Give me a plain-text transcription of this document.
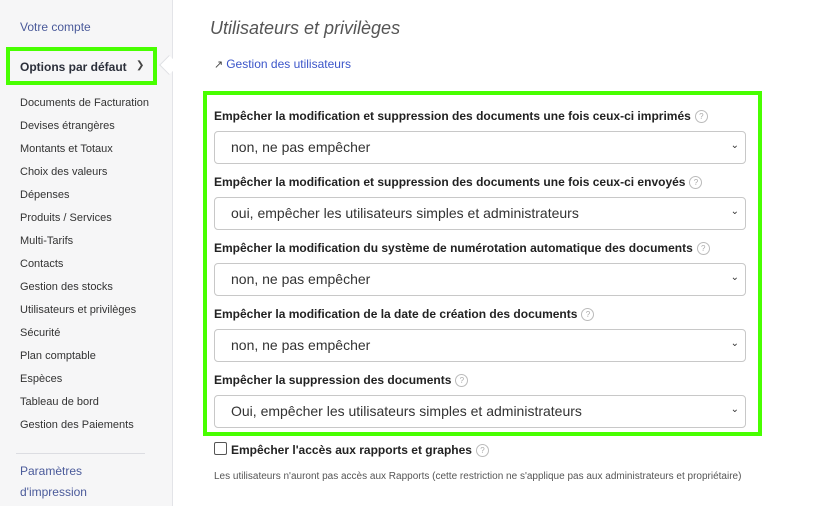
Votre compte
Options par défaut ❯
Documents de Facturation
Devises étrangères
Montants et Totaux
Choix des valeurs
Dépenses
Produits / Services
Multi-Tarifs
Contacts
Gestion des stocks
Utilisateurs et privilèges
Sécurité
Plan comptable
Espèces
Tableau de bord
Gestion des Paiements
Paramètres
d'impression
Utilisateurs et privilèges
↗ Gestion des utilisateurs
Empêcher la modification et suppression des documents une fois ceux-ci imprimés ?
non, ne pas empêcher	⌄
Empêcher la modification et suppression des documents une fois ceux-ci envoyés ?
oui, empêcher les utilisateurs simples et administrateurs	⌄
Empêcher la modification du système de numérotation automatique des documents ?
non, ne pas empêcher	⌄
Empêcher la modification de la date de création des documents ?
non, ne pas empêcher	⌄
Empêcher la suppression des documents ?
Oui, empêcher les utilisateurs simples et administrateurs	⌄
Empêcher l'accès aux rapports et graphes ?
Les utilisateurs n'auront pas accès aux Rapports (cette restriction ne s'applique pas aux administrateurs et propriétaire)
